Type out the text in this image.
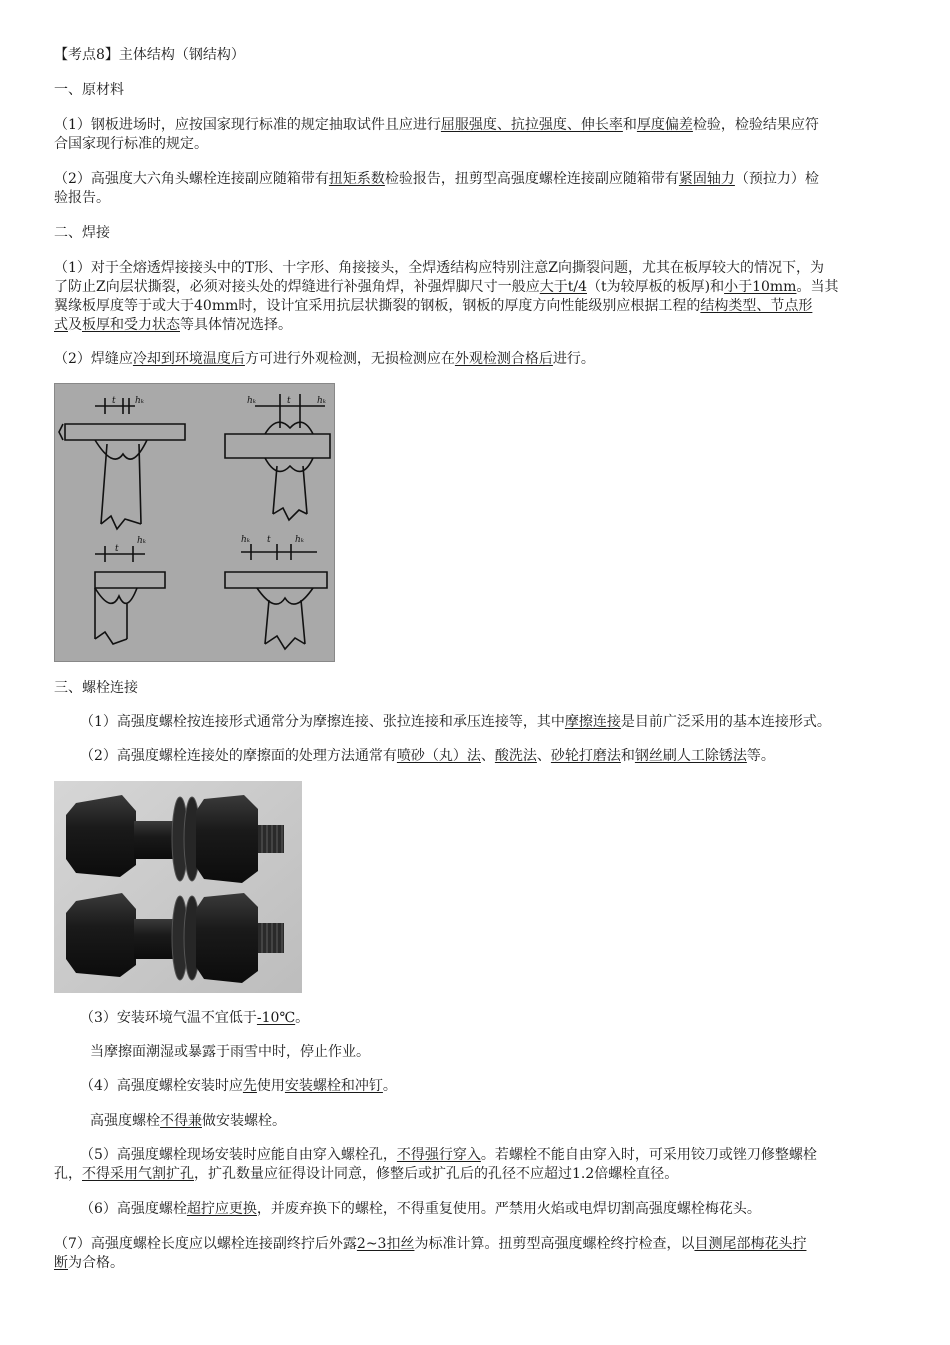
【考点8】主体结构（钢结构）
一、原材料
（1）钢板进场时，应按国家现行标准的规定抽取试件且应进行屈服强度、抗拉强度、伸长率和厚度偏差检验，检验结果应符
合国家现行标准的规定。
（2）高强度大六角头螺栓连接副应随箱带有扭矩系数检验报告，扭剪型高强度螺栓连接副应随箱带有紧固轴力（预拉力）检
验报告。
二、焊接
（1）对于全熔透焊接接头中的T形、十字形、角接接头，全焊透结构应特别注意Z向撕裂问题，尤其在板厚较大的情况下，为
了防止Z向层状撕裂，必须对接头处的焊缝进行补强角焊，补强焊脚尺寸一般应大于t/4（t为较厚板的板厚)和小于10mm。当其
翼缘板厚度等于或大于40mm时，设计宜采用抗层状撕裂的钢板，钢板的厚度方向性能级别应根据工程的结构类型、节点形
式及板厚和受力状态等具体情况选择。
（2）焊缝应冷却到环境温度后方可进行外观检测，无损检测应在外观检测合格后进行。
t hₖ	hₖ	t	hₖ
t
hₖ	hₖ t	hₖ
三、螺栓连接
（1）高强度螺栓按连接形式通常分为摩擦连接、张拉连接和承压连接等，其中摩擦连接是目前广泛采用的基本连接形式。
（2）高强度螺栓连接处的摩擦面的处理方法通常有喷砂（丸）法、酸洗法、砂轮打磨法和钢丝刷人工除锈法等。
（3）安装环境气温不宜低于-10℃。
当摩擦面潮湿或暴露于雨雪中时，停止作业。
（4）高强度螺栓安装时应先使用安装螺栓和冲钉。
高强度螺栓不得兼做安装螺栓。
（5）高强度螺栓现场安装时应能自由穿入螺栓孔，不得强行穿入。若螺栓不能自由穿入时，可采用铰刀或锉刀修整螺栓
孔，不得采用气割扩孔，扩孔数量应征得设计同意，修整后或扩孔后的孔径不应超过1.2倍螺栓直径。
（6）高强度螺栓超拧应更换，并废弃换下的螺栓，不得重复使用。严禁用火焰或电焊切割高强度螺栓梅花头。
（7）高强度螺栓长度应以螺栓连接副终拧后外露2~3扣丝为标准计算。扭剪型高强度螺栓终拧检查，以目测尾部梅花头拧
断为合格。
